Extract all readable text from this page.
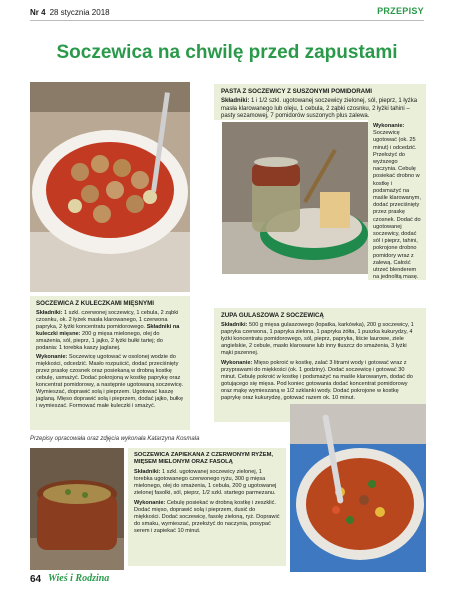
Nr 4 28 stycznia 2018	PRZEPISY
Soczewica na chwilę przed zapustami
PASTA Z SOCZEWICY Z SUSZONYMI POMIDORAMI

Składniki: 1 i 1/2 szkl. ugotowanej soczewicy zielonej, sól, pieprz, 1 łyżka masła klarowanego lub oleju, 1 cebula, 2 ząbki czosnku, 2 łyżki tahini – pasty sezamowej, 7 pomidorów suszonych plus zalewa.

Wykonanie: Soczewicę ugotować (ok. 25 minut) i odcedzić. Przełożyć do wyższego naczynia. Cebulę posiekać drobno w kostkę i podsmażyć na maśle klarowanym, dodać przeciśnięty przez praskę czosnek. Dodać do ugotowanej soczewicy, dodać sól i pieprz, tahini, pokrojone drobno pomidory wraz z zalewą. Całość utrzeć blenderem na jednolitą masę.

SOCZEWICA Z KULECZKAMI MIĘSNYMI

Składniki: 1 szkl. czerwonej soczewicy, 1 cebula, 2 ząbki czosnku, ok. 2 łyżek masła klarowanego, 1 czerwona papryka, 2 łyżki koncentratu pomidorowego. Składniki na kuleczki mięsne: 200 g mięsa mielonego, olej do smażenia, sól, pieprz, 1 jajko, 2 łyżki bułki tartej; do podania: 1 torebka kaszy jaglanej.

Wykonanie: Soczewicę ugotować w osolonej wodzie do miękkości, odcedzić. Masło rozpuścić, dodać przeciśnięty przez praskę czosnek oraz posiekaną w drobną kostkę cebulę, usmażyć. Dodać pokrojoną w kostkę paprykę oraz koncentrat pomidorowy, a następnie ugotowaną soczewicę. Wymieszać, doprawić solą i pieprzem. Ugotować kaszę jaglaną. Mięso doprawić solą i pieprzem, dodać jajko, bułkę i wymieszać. Formować małe kuleczki i smażyć.

ZUPA GULASZOWA Z SOCZEWICĄ

Składniki: 500 g mięsa gulaszowego (łopatka, karkówka), 200 g soczewicy, 1 papryka czerwona, 1 papryka zielona, 1 papryka żółta, 1 puszka kukurydzy, 4 łyżki koncentratu pomidorowego, sól, pieprz, papryka, liście laurowe, ziele angielskie, 2 cebule, masło klarowane lub inny tłuszcz do smażenia, 3 łyżki mąki pszennej.

Wykonanie: Mięso pokroić w kostkę, zalać 3 litrami wody i gotować wraz z przyprawami do miękkości (ok. 1 godziny). Dodać soczewicę i gotować 30 minut. Cebulę pokroić w kostkę i podsmażyć na maśle klarowanym, dodać do gotującego się mięsa. Pod koniec gotowania dodać koncentrat pomidorowy oraz mąkę wymieszaną w 1/2 szklanki wody. Dodać pokrojone w kostkę paprykę oraz kukurydzę, gotować razem ok. 10 minut.

Przepisy opracowała oraz zdjęcia wykonała Katarzyna Kosmala
SOCZEWICA ZAPIEKANA Z CZERWONYM RYŻEM, MIĘSEM MIELONYM ORAZ FASOLĄ

Składniki: 1 szkl. ugotowanej soczewicy zielonej, 1 torebka ugotowanego czerwonego ryżu, 300 g mięsa mielonego, olej do smażenia, 1 cebula, 200 g ugotowanej zielonej fasolki, sól, pieprz, 1/2 szkl. startego parmezanu.

Wykonanie: Cebulę posiekać w drobną kostkę i zeszklić. Dodać mięso, doprawić solą i pieprzem, dusić do miękkości. Dodać soczewicę, fasolę zieloną, ryż. Doprawić do smaku, wymieszać, przełożyć do naczynia, posypać serem i zapiekać 10 minut.

64 Wieś i Rodzina
